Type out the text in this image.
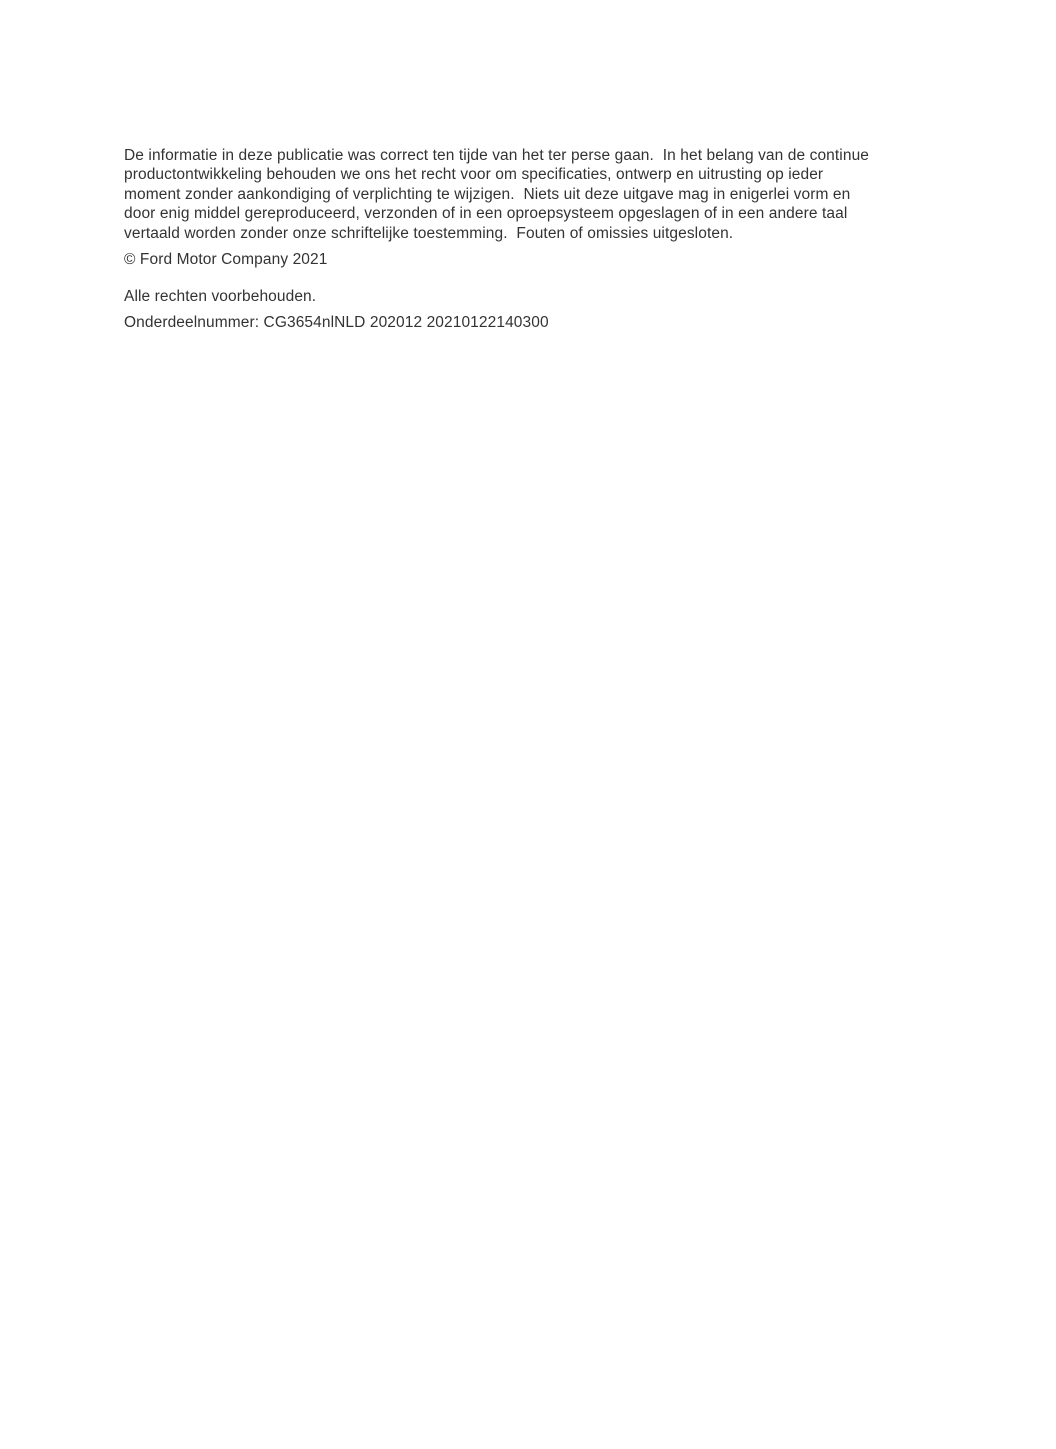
De informatie in deze publicatie was correct ten tijde van het ter perse gaan.  In het belang van de continue
productontwikkeling behouden we ons het recht voor om specificaties, ontwerp en uitrusting op ieder
moment zonder aankondiging of verplichting te wijzigen.  Niets uit deze uitgave mag in enigerlei vorm en
door enig middel gereproduceerd, verzonden of in een oproepsysteem opgeslagen of in een andere taal
vertaald worden zonder onze schriftelijke toestemming.  Fouten of omissies uitgesloten.
© Ford Motor Company 2021
Alle rechten voorbehouden.
Onderdeelnummer: CG3654nlNLD 202012 20210122140300
